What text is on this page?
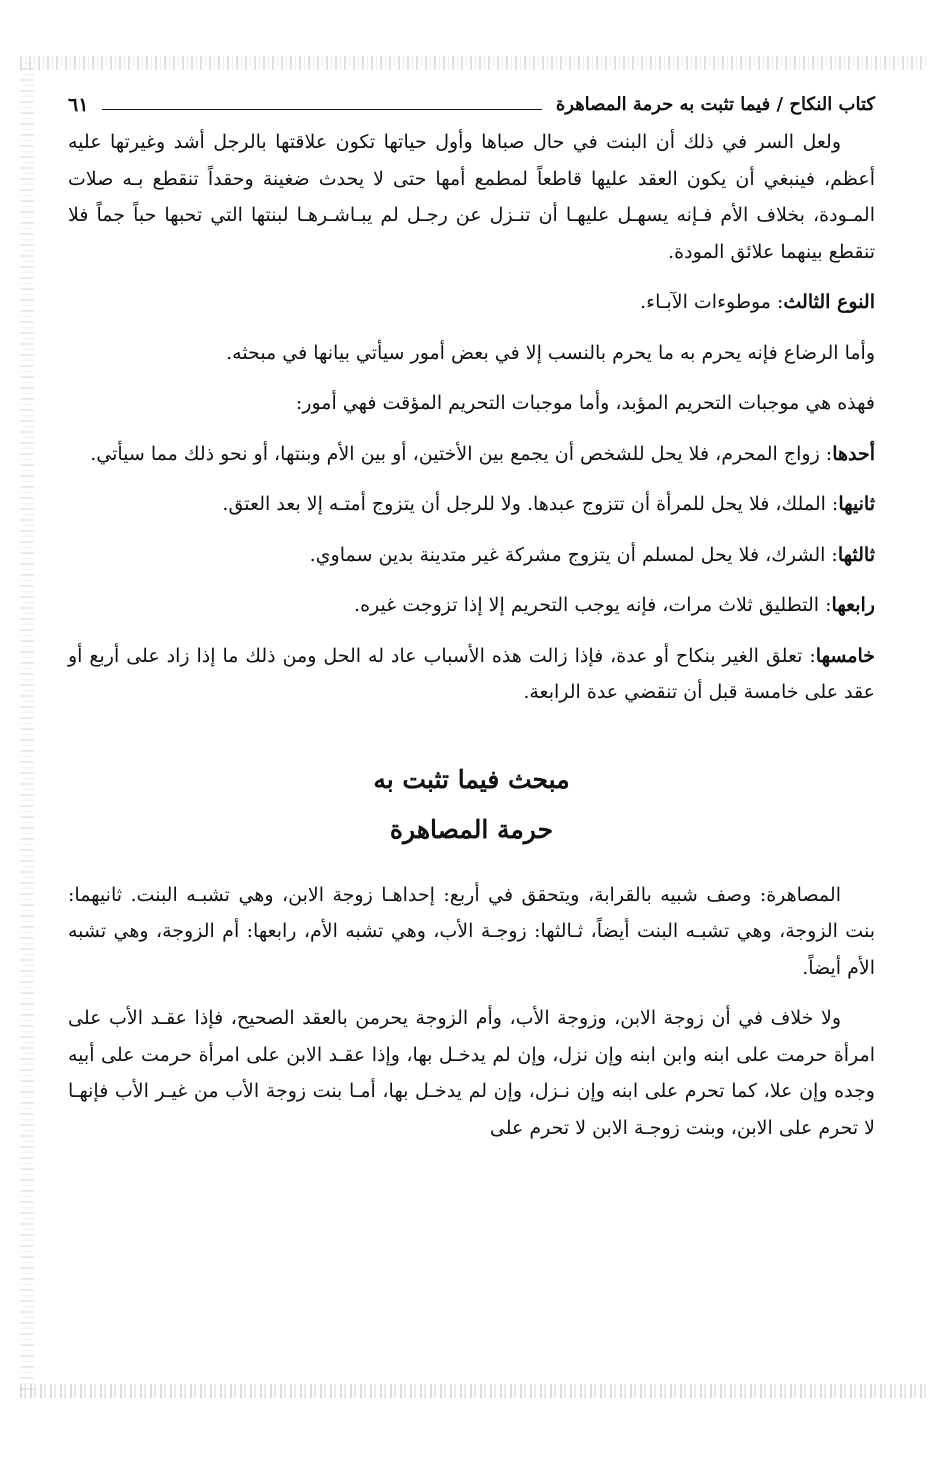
كتاب النكاح / فيما تثبت به حرمة المصاهرة
٦١

ولعل السر في ذلك أن البنت في حال صباها وأول حياتها تكون علاقتها بالرجل أشد وغيرتها عليه أعظم، فينبغي أن يكون العقد عليها قاطعاً لمطمع أمها حتى لا يحدث ضغينة وحقداً تنقطع بـه صلات المـودة، بخلاف الأم فـإنه يسهـل عليهـا أن تنـزل عن رجـل لم يبـاشـرهـا لبنتها التي تحبها حباً جماً فلا تنقطع بينهما علائق المودة.

النوع الثالث: موطوءات الآبـاء.

وأما الرضاع فإنه يحرم به ما يحرم بالنسب إلا في بعض أمور سيأتي بيانها في مبحثه.

فهذه هي موجبات التحريم المؤبد، وأما موجبات التحريم المؤقت فهي أمور:

أحدها: زواج المحرم، فلا يحل للشخص أن يجمع بين الأختين، أو بين الأم وبنتها، أو نحو ذلك مما سيأتي.

ثانيها: الملك، فلا يحل للمرأة أن تتزوج عبدها. ولا للرجل أن يتزوج أمتـه إلا بعد العتق.

ثالثها: الشرك، فلا يحل لمسلم أن يتزوج مشركة غير متدينة بدين سماوي.

رابعها: التطليق ثلاث مرات، فإنه يوجب التحريم إلا إذا تزوجت غيره.

خامسها: تعلق الغير بنكاح أو عدة، فإذا زالت هذه الأسباب عاد له الحل ومن ذلك ما إذا زاد على أربع أو عقد على خامسة قبل أن تنقضي عدة الرابعة.

مبحث فيما تثبت به
حرمة المصاهرة

المصاهرة: وصف شبيه بالقرابة، ويتحقق في أربع: إحداهـا زوجة الابن، وهي تشبـه البنت. ثانيهما: بنت الزوجة، وهي تشبـه البنت أيضاً، ثـالثها: زوجـة الأب، وهي تشبه الأم، رابعها: أم الزوجة، وهي تشبه الأم أيضاً.

ولا خلاف في أن زوجة الابن، وزوجة الأب، وأم الزوجة يحرمن بالعقد الصحيح، فإذا عقـد الأب على امرأة حرمت على ابنه وابن ابنه وإن نزل، وإن لم يدخـل بها، وإذا عقـد الابن على امرأة حرمت على أبيه وجده وإن علا، كما تحرم على ابنه وإن نـزل، وإن لم يدخـل بها، أمـا بنت زوجة الأب من غيـر الأب فإنهـا لا تحرم على الابن، وبنت زوجـة الابن لا تحرم على
